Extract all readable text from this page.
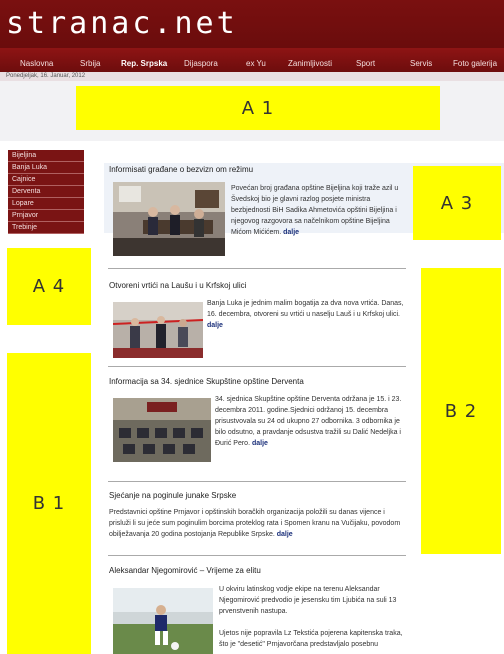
stranac.net
Naslovna	Srbija	Rep. Srpska Dijaspora	ex Yu	Zanimljivosti	Sport	Servis	Foto galerija
Ponedjeljak, 16. Januar, 2012
A 1
A 3
A 4
B 1
B 2
Bijeljina
Banja Luka
Cajnice
Derventa
Lopare
Prnjavor
Trebinje
Informisati građane o bezvizn om režimu
Povećan broj građana opštine Bijeljina koji traže azil u Švedskoj bio je glavni razlog posjete ministra bezbjednosti BiH Sadika Ahmetovića opštini Bijeljina i njegovog razgovora sa načelnikom opštine Bijeljina Mićom Mićićem. dalje
Otvoreni vrtići na Laušu i u Krfskoj ulici
Banja Luka je jednim malim bogatija za dva nova vrtića. Danas, 16. decembra, otvoreni su vrtići u naselju Lauš i u Krfskoj ulici. dalje
Informacija sa 34. sjednice Skupštine opštine Derventa
34. sjednica Skupštine opštine Derventa održana je 15. i 23. decembra 2011. godine.Sjednici održanoj 15. decembra prisustvovala su 24 od ukupno 27 odbornika. 3 odbornika je bilo odsutno, a pravdanje odsustva tražili su Dalić Nedeljka i Đurić Pero. dalje
Sjećanje na poginule junake Srpske
Predstavnici opštine Prnjavor i opštinskih boračkih organizacija položili su danas vijence i prisluži li su jeće sum poginulim borcima proteklog rata i Spomen kranu na Vučijaku, povodom obilježavanja 20 godina postojanja Republike Srpske. dalje
Aleksandar Njegomirović – Vrijeme za elitu
U okviru latinskog vodje ekipe na terenu Aleksandar Njegomirović predvodio je jesensku tim Ljubića na suli 13 prvenstvenih nastupa.
Ujetos nije popravila Lz Tekstića pojerena kapitenska traka, što je "desetić" Prnjavorčana predstavljalo posebnu
